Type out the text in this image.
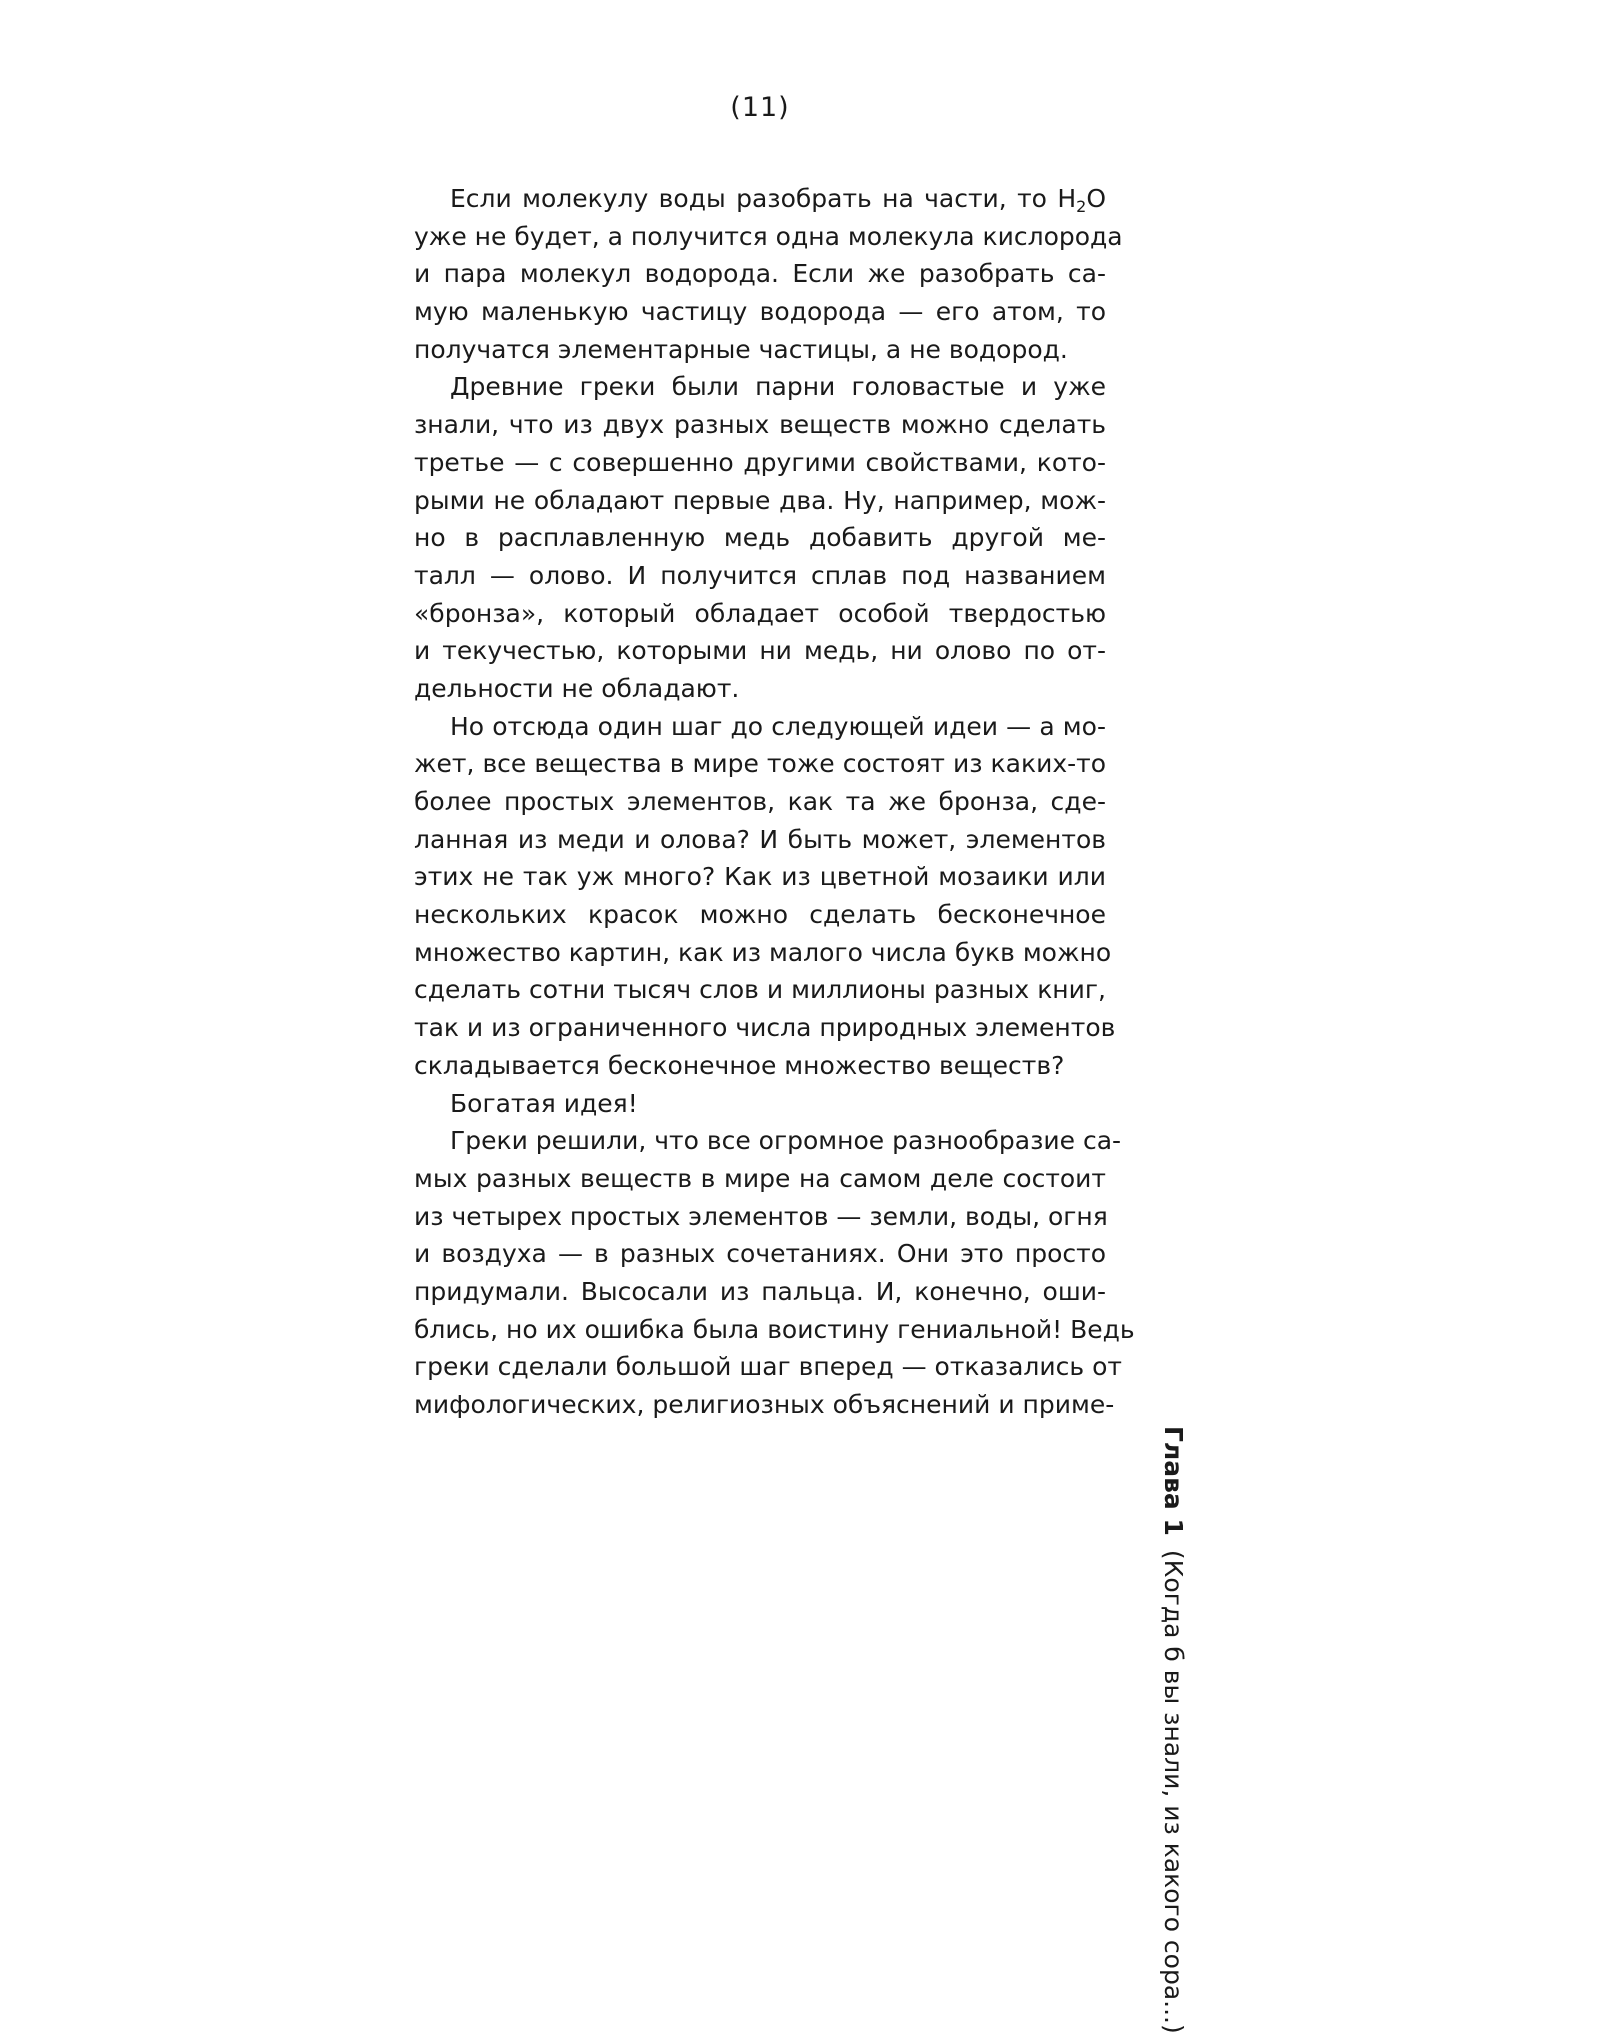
(11)
Если молекулу воды разобрать на части, то $H_2O$
уже не будет, а получится одна молекула кислорода
и пара молекул водорода. Если же разобрать са-
мую маленькую частицу водорода — его атом, то
получатся элементарные частицы, а не водород.
Древние греки были парни головастые и уже
знали, что из двух разных веществ можно сделать
третье — с совершенно другими свойствами, кото-
рыми не обладают первые два. Ну, например, мож-
но в расплавленную медь добавить другой ме-
талл — олово. И получится сплав под названием
«бронза», который обладает особой твердостью
и текучестью, которыми ни медь, ни олово по от-
дельности не обладают.
Но отсюда один шаг до следующей идеи — а мо-
жет, все вещества в мире тоже состоят из каких-то
более простых элементов, как та же бронза, сде-
ланная из меди и олова? И быть может, элементов
этих не так уж много? Как из цветной мозаики или
нескольких красок можно сделать бесконечное
множество картин, как из малого числа букв можно
сделать сотни тысяч слов и миллионы разных книг,
так и из ограниченного числа природных элементов
складывается бесконечное множество веществ?
Богатая идея!
Греки решили, что все огромное разнообразие са-
мых разных веществ в мире на самом деле состоит
из четырех простых элементов — земли, воды, огня
и воздуха — в разных сочетаниях. Они это просто
придумали. Высосали из пальца. И, конечно, оши-
блись, но их ошибка была воистину гениальной! Ведь
греки сделали большой шаг вперед — отказались от
мифологических, религиозных объяснений и приме-
Глава 1(Когда б вы знали, из какого сора...)
